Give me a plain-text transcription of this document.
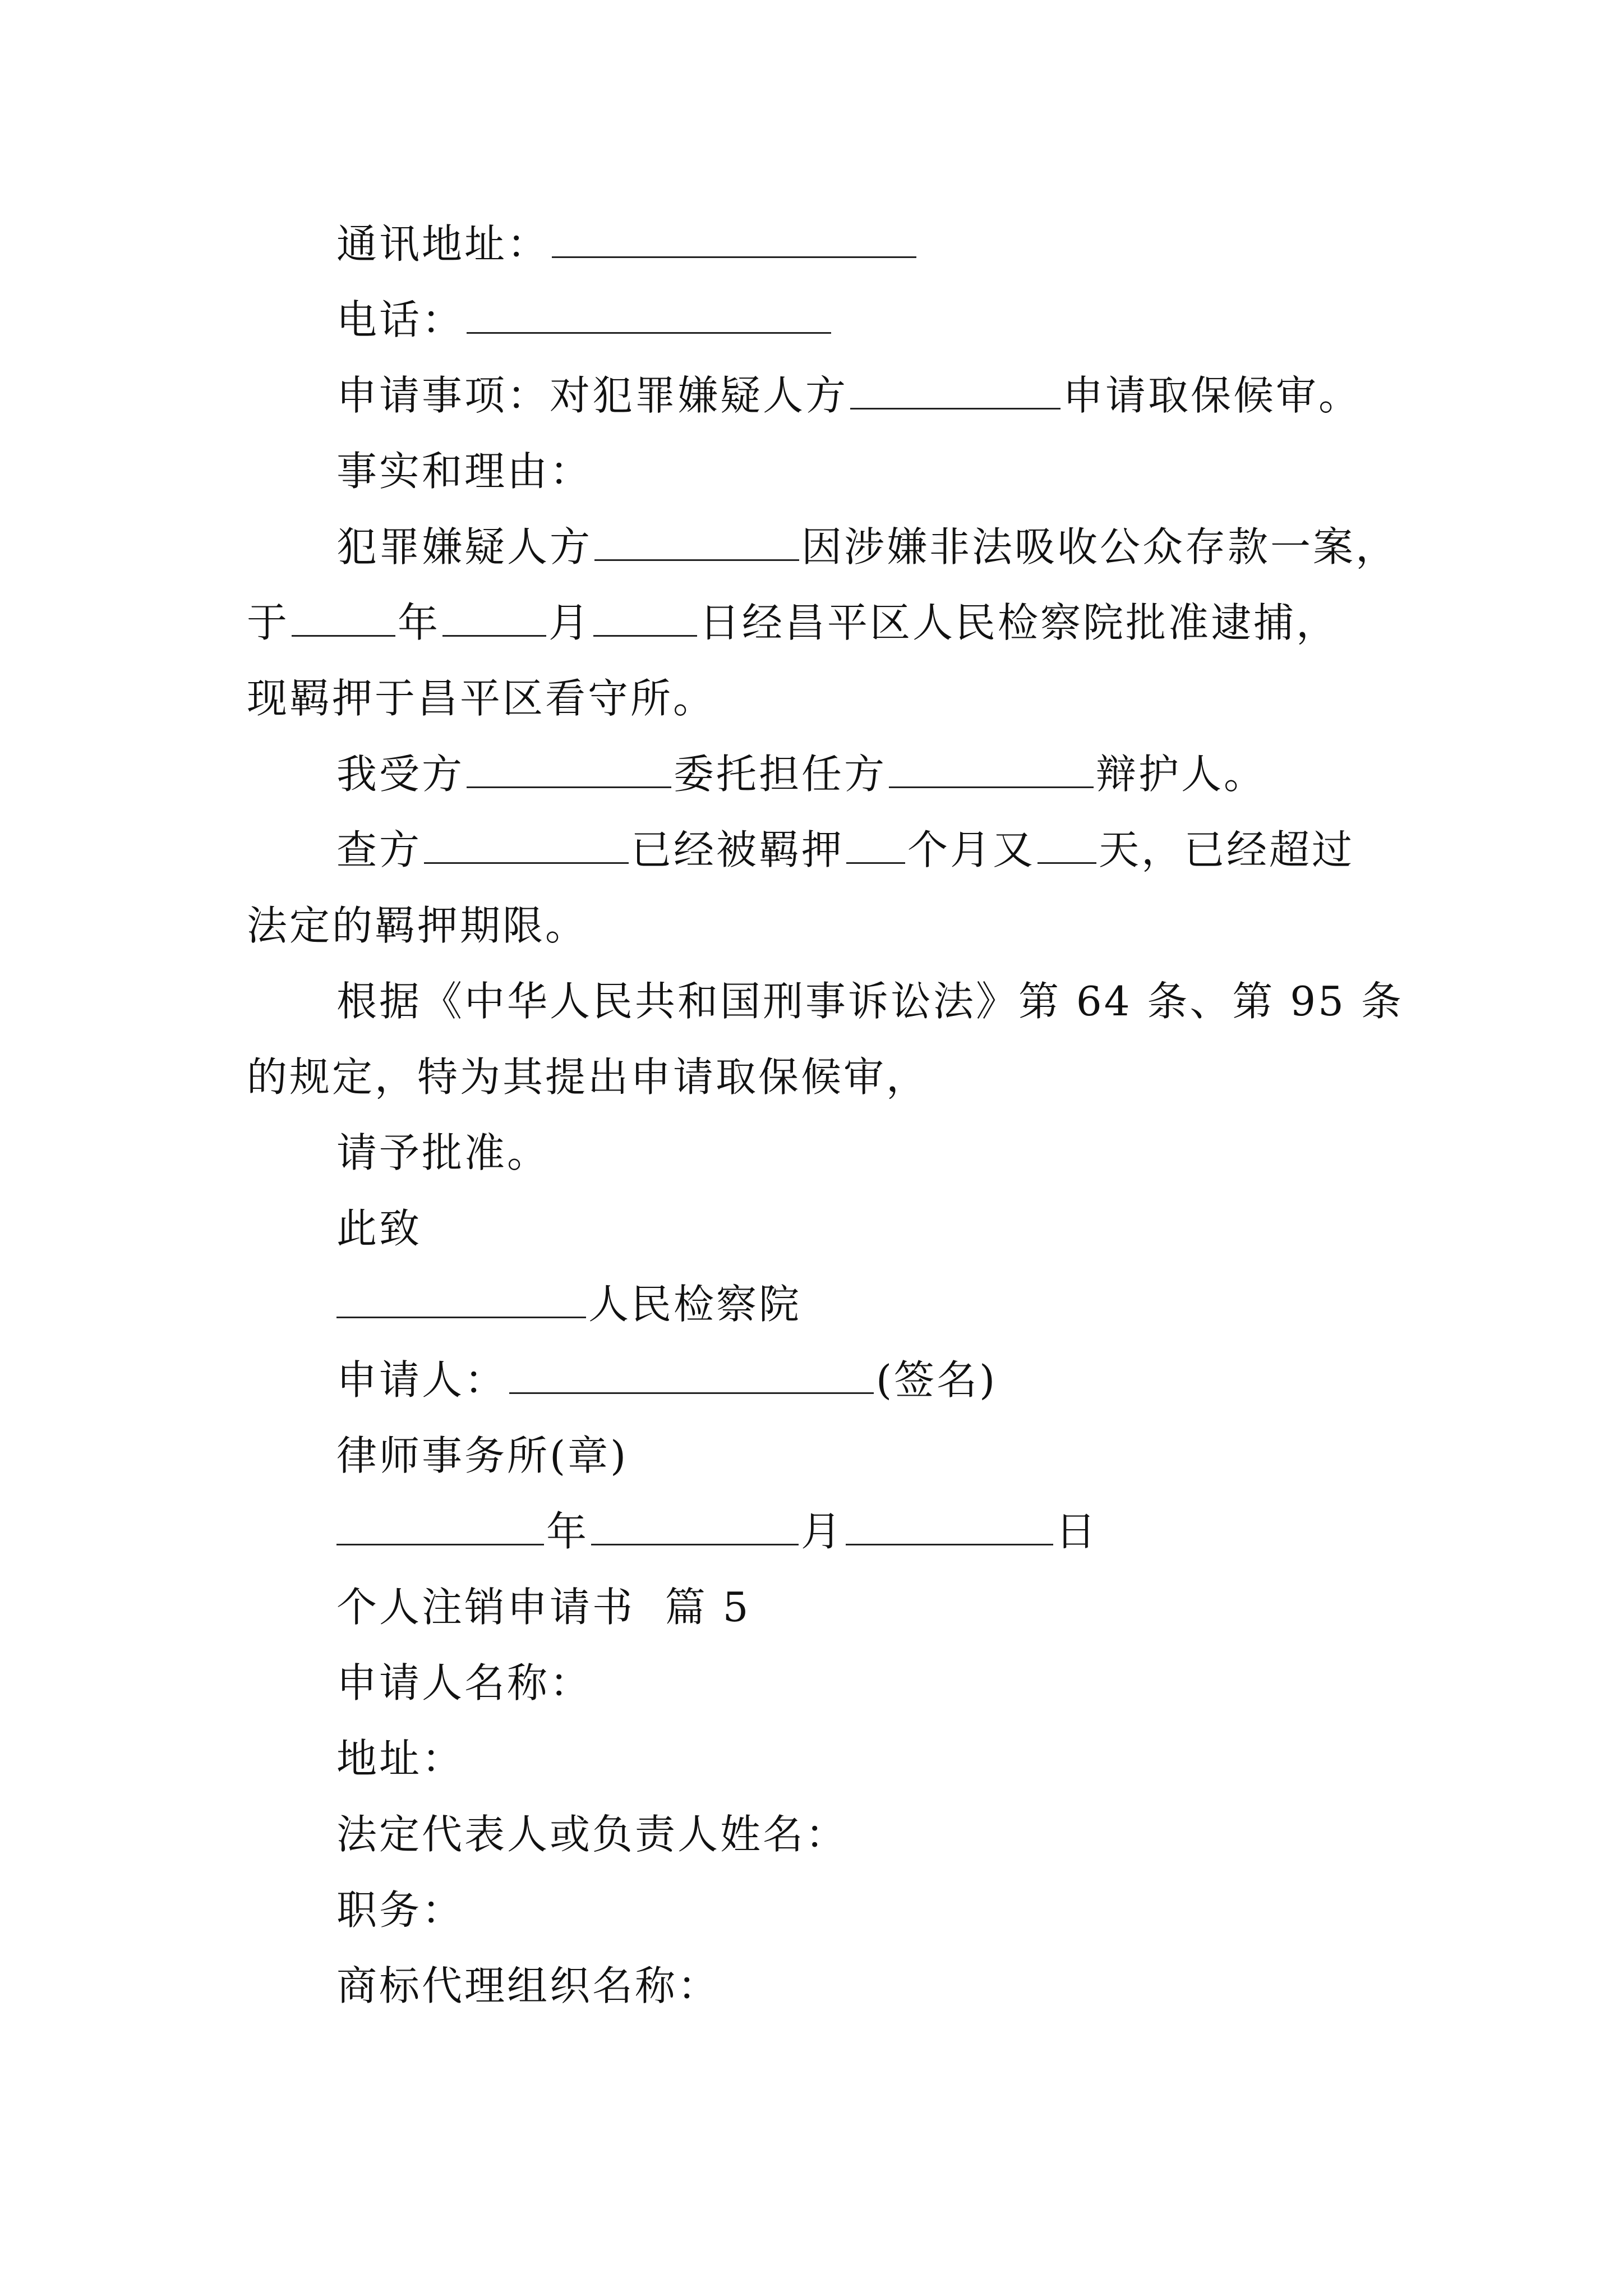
通讯地址：
电话：
申请事项：对犯罪嫌疑人方	申请取保候审。
事实和理由：
犯罪嫌疑人方	因涉嫌非法吸收公众存款一案，
于	年	月	日经昌平区人民检察院批准逮捕，
现羁押于昌平区看守所。
我受方	委托担任方	辩护人。
查方	已经被羁押 个月又 天，已经超过
法定的羁押期限。
根据《中华人民共和国刑事诉讼法》第 64 条、第 95 条
的规定，特为其提出申请取保候审，
请予批准。
此致
人民检察院
申请人：	(签名)
律师事务所(章)
年	月	日
个人注销申请书  篇 5
申请人名称：
地址：
法定代表人或负责人姓名：
职务：
商标代理组织名称：
